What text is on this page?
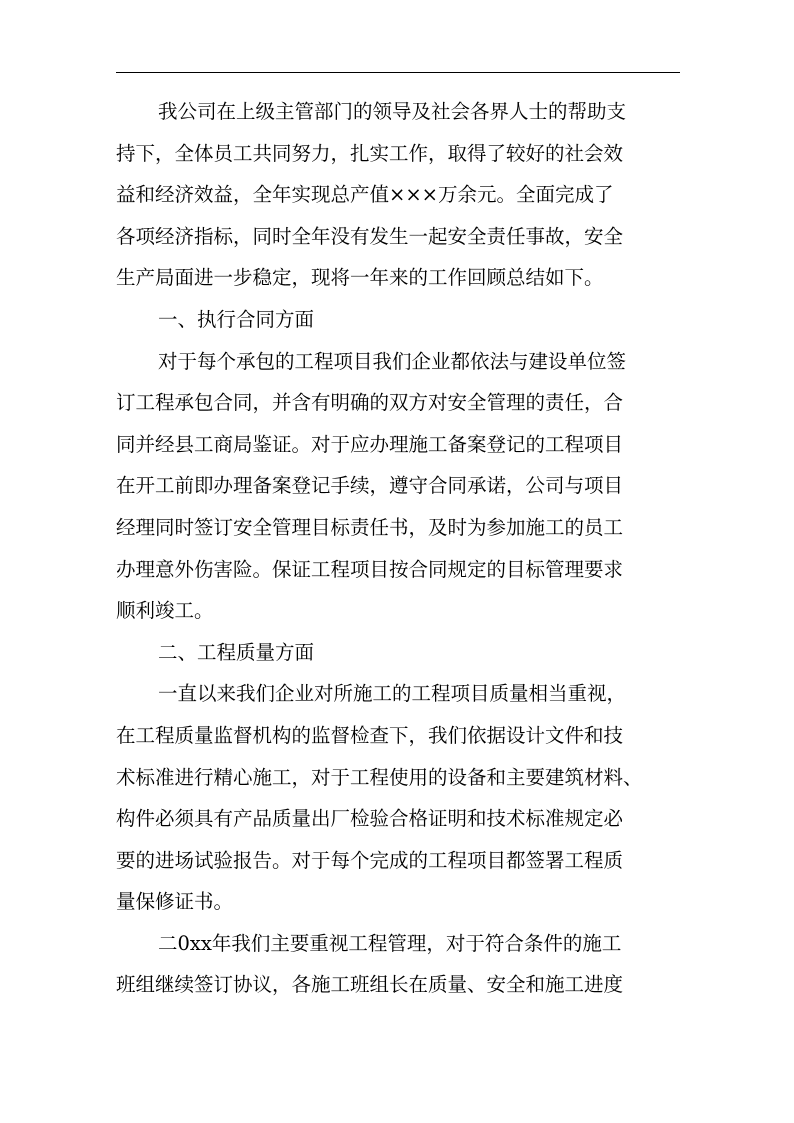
我公司在上级主管部门的领导及社会各界人士的帮助支
持下，全体员工共同努力，扎实工作，取得了较好的社会效
益和经济效益，全年实现总产值×××万余元。全面完成了
各项经济指标，同时全年没有发生一起安全责任事故，安全
生产局面进一步稳定，现将一年来的工作回顾总结如下。
一、执行合同方面
对于每个承包的工程项目我们企业都依法与建设单位签
订工程承包合同，并含有明确的双方对安全管理的责任，合
同并经县工商局鉴证。对于应办理施工备案登记的工程项目
在开工前即办理备案登记手续，遵守合同承诺，公司与项目
经理同时签订安全管理目标责任书，及时为参加施工的员工
办理意外伤害险。保证工程项目按合同规定的目标管理要求
顺利竣工。
二、工程质量方面
一直以来我们企业对所施工的工程项目质量相当重视，
在工程质量监督机构的监督检查下，我们依据设计文件和技
术标准进行精心施工，对于工程使用的设备和主要建筑材料、
构件必须具有产品质量出厂检验合格证明和技术标准规定必
要的进场试验报告。对于每个完成的工程项目都签署工程质
量保修证书。
二0xx年我们主要重视工程管理，对于符合条件的施工
班组继续签订协议，各施工班组长在质量、安全和施工进度
